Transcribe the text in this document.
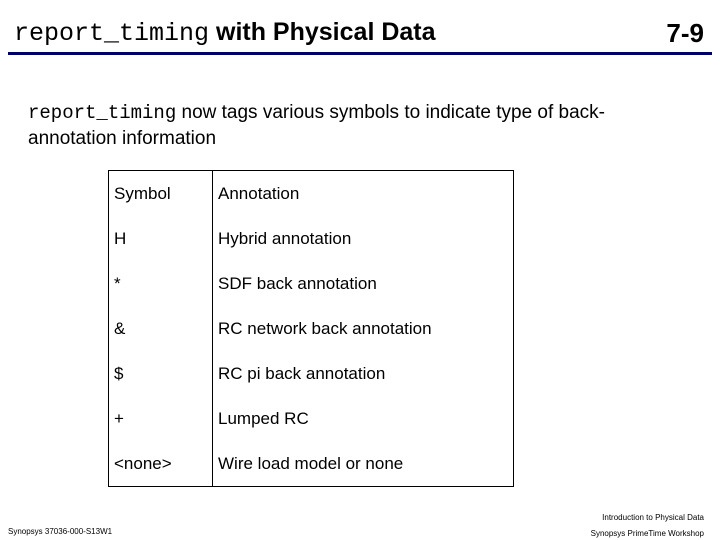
report_timing with Physical Data	7-9
report_timing now tags various symbols to indicate type of back-annotation information
Symbol	Annotation
H	Hybrid annotation
*	SDF back annotation
&	RC network back annotation
$	RC pi back annotation
+	Lumped RC
<none>	Wire load model or none
Synopsys 37036-000-S13W1
Introduction to Physical Data
Synopsys PrimeTime Workshop
